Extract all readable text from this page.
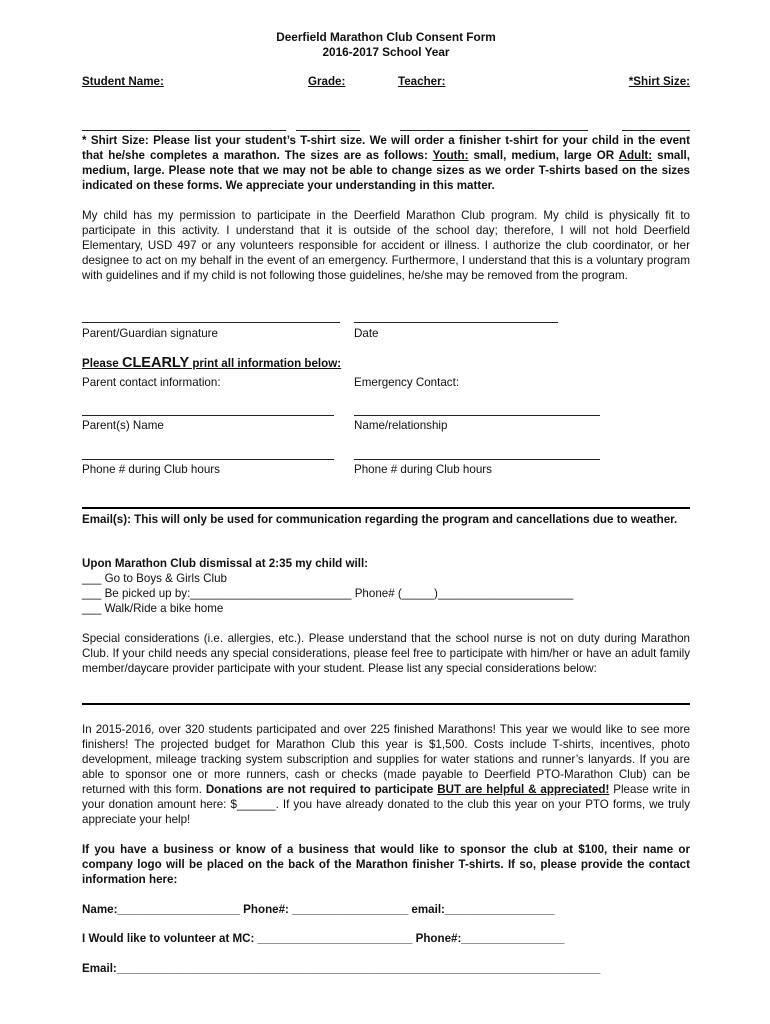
Deerfield Marathon Club Consent Form
2016-2017 School Year
Student Name:	Grade:	Teacher:	*Shirt Size:
* Shirt Size: Please list your student’s T-shirt size. We will order a finisher t-shirt for your child in the event that he/she completes a marathon. The sizes are as follows: Youth: small, medium, large OR Adult: small, medium, large. Please note that we may not be able to change sizes as we order T-shirts based on the sizes indicated on these forms. We appreciate your understanding in this matter.
My child has my permission to participate in the Deerfield Marathon Club program. My child is physically fit to participate in this activity. I understand that it is outside of the school day; therefore, I will not hold Deerfield Elementary, USD 497 or any volunteers responsible for accident or illness. I authorize the club coordinator, or her designee to act on my behalf in the event of an emergency. Furthermore, I understand that this is a voluntary program with guidelines and if my child is not following those guidelines, he/she may be removed from the program.
Parent/Guardian signature	Date
Please CLEARLY print all information below:
Parent contact information:	Emergency Contact:
Parent(s) Name	Name/relationship
Phone # during Club hours	Phone # during Club hours
Email(s): This will only be used for communication regarding the program and cancellations due to weather.
Upon Marathon Club dismissal at 2:35 my child will:
___ Go to Boys & Girls Club
___ Be picked up by:_________________________ Phone# (_____)_____________________
___ Walk/Ride a bike home
Special considerations (i.e. allergies, etc.). Please understand that the school nurse is not on duty during Marathon Club. If your child needs any special considerations, please feel free to participate with him/her or have an adult family member/daycare provider participate with your student. Please list any special considerations below:
In 2015-2016, over 320 students participated and over 225 finished Marathons! This year we would like to see more finishers! The projected budget for Marathon Club this year is $1,500. Costs include T-shirts, incentives, photo development, mileage tracking system subscription and supplies for water stations and runner’s lanyards. If you are able to sponsor one or more runners, cash or checks (made payable to Deerfield PTO-Marathon Club) can be returned with this form. Donations are not required to participate BUT are helpful & appreciated! Please write in your donation amount here: $______. If you have already donated to the club this year on your PTO forms, we truly appreciate your help!
If you have a business or know of a business that would like to sponsor the club at $100, their name or company logo will be placed on the back of the Marathon finisher T-shirts. If so, please provide the contact information here:
Name:___________________ Phone#: __________________ email:_________________
I Would like to volunteer at MC: ________________________ Phone#:________________
Email:___________________________________________________________________________
